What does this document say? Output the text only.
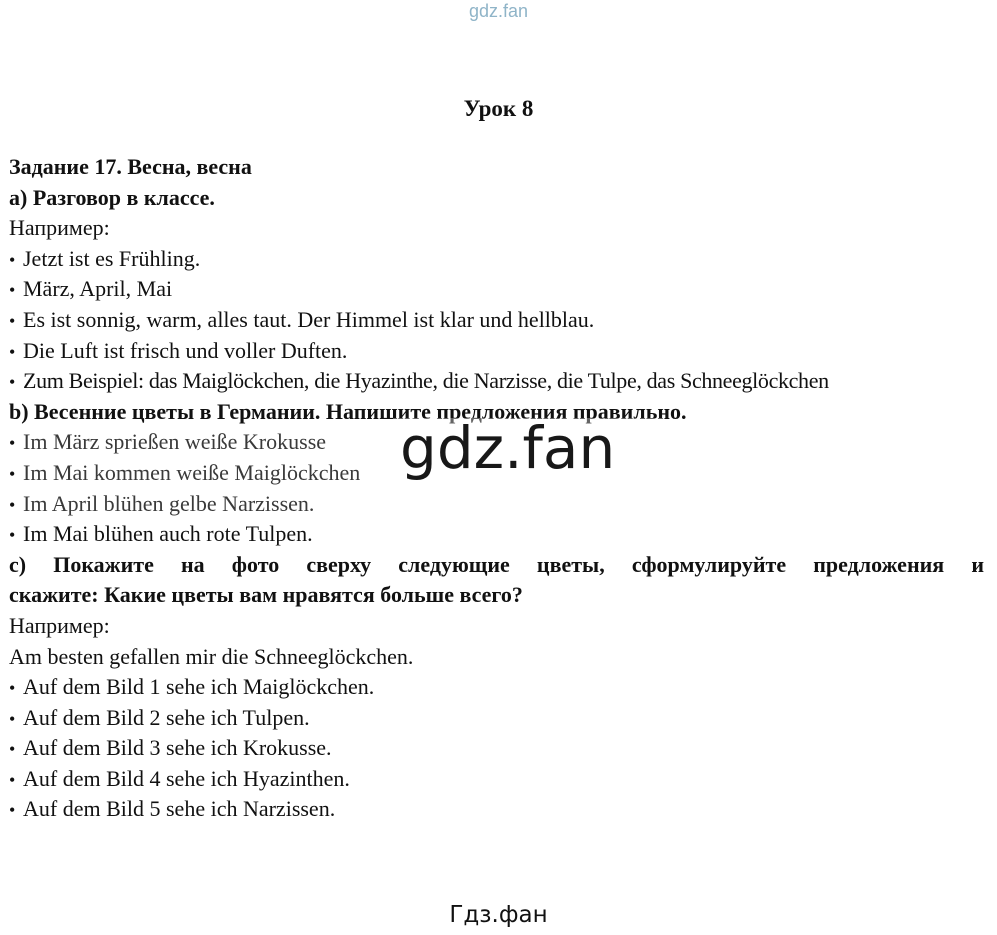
gdz.fan
Урок 8
Задание 17. Весна, весна
a) Разговор в классе.
Например:
• Jetzt ist es Frühling.
• März, April, Mai
• Es ist sonnig, warm, alles taut. Der Himmel ist klar und hellblau.
• Die Luft ist frisch und voller Duften.
• Zum Beispiel: das Maiglöckchen, die Hyazinthe, die Narzisse, die Tulpe, das Schneeglöckchen
b) Весенние цветы в Германии. Напишите предложения правильно.
• Im März sprießen weiße Krokusse
• Im Mai kommen weiße Maiglöckchen
• Im April blühen gelbe Narzissen.
• Im Mai blühen auch rote Tulpen.
c) Покажите на фото сверху следующие цветы, сформулируйте предложения и
скажите: Какие цветы вам нравятся больше всего?
Например:
Am besten gefallen mir die Schneeglöckchen.
• Auf dem Bild 1 sehe ich Maiglöckchen.
• Auf dem Bild 2 sehe ich Tulpen.
• Auf dem Bild 3 sehe ich Krokusse.
• Auf dem Bild 4 sehe ich Hyazinthen.
• Auf dem Bild 5 sehe ich Narzissen.
gdz.fan
Гдз.фан
